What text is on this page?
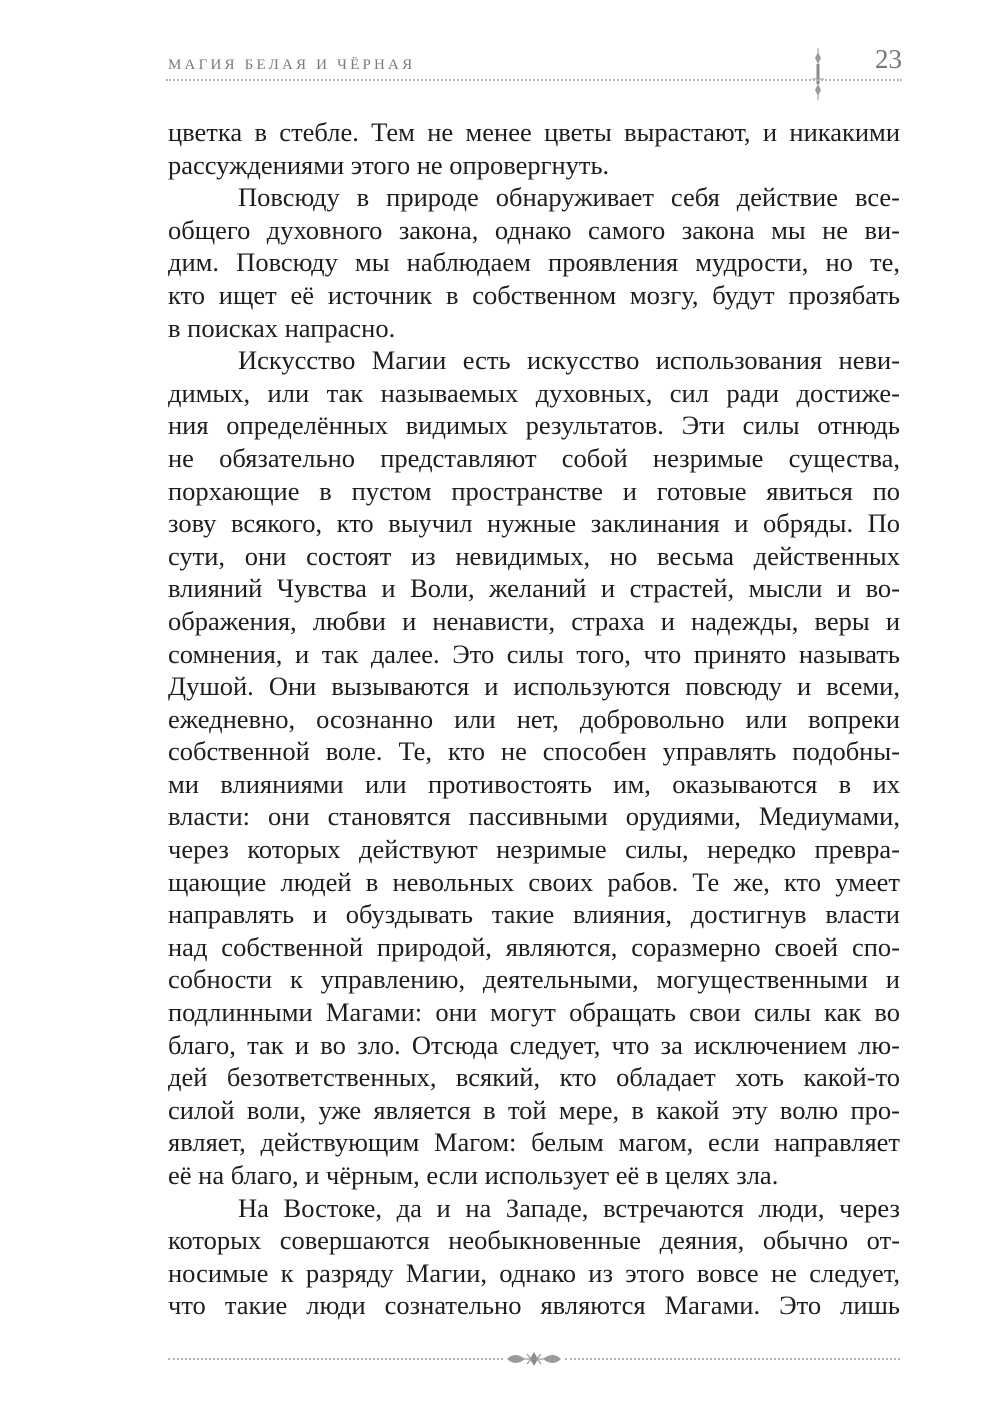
МАГИЯ БЕЛАЯ И ЧЁРНАЯ	23
цветка в стебле. Тем не менее цветы вырастают, и никакими
рассуждениями этого не опровергнуть.
Повсюду в природе обнаруживает себя действие все-
общего духовного закона, однако самого закона мы не ви-
дим. Повсюду мы наблюдаем проявления мудрости, но те,
кто ищет её источник в собственном мозгу, будут прозябать
в поисках напрасно.
Искусство Магии есть искусство использования неви-
димых, или так называемых духовных, сил ради достиже-
ния определённых видимых результатов. Эти силы отнюдь
не обязательно представляют собой незримые существа,
порхающие в пустом пространстве и готовые явиться по
зову всякого, кто выучил нужные заклинания и обряды. По
сути, они состоят из невидимых, но весьма действенных
влияний Чувства и Воли, желаний и страстей, мысли и во-
ображения, любви и ненависти, страха и надежды, веры и
сомнения, и так далее. Это силы того, что принято называть
Душой. Они вызываются и используются повсюду и всеми,
ежедневно, осознанно или нет, добровольно или вопреки
собственной воле. Те, кто не способен управлять подобны-
ми влияниями или противостоять им, оказываются в их
власти: они становятся пассивными орудиями, Медиумами,
через которых действуют незримые силы, нередко превра-
щающие людей в невольных своих рабов. Те же, кто умеет
направлять и обуздывать такие влияния, достигнув власти
над собственной природой, являются, соразмерно своей спо-
собности к управлению, деятельными, могущественными и
подлинными Магами: они могут обращать свои силы как во
благо, так и во зло. Отсюда следует, что за исключением лю-
дей безответственных, всякий, кто обладает хоть какой-то
силой воли, уже является в той мере, в какой эту волю про-
являет, действующим Магом: белым магом, если направляет
её на благо, и чёрным, если использует её в целях зла.
На Востоке, да и на Западе, встречаются люди, через
которых совершаются необыкновенные деяния, обычно от-
носимые к разряду Магии, однако из этого вовсе не следует,
что такие люди сознательно являются Магами. Это лишь
